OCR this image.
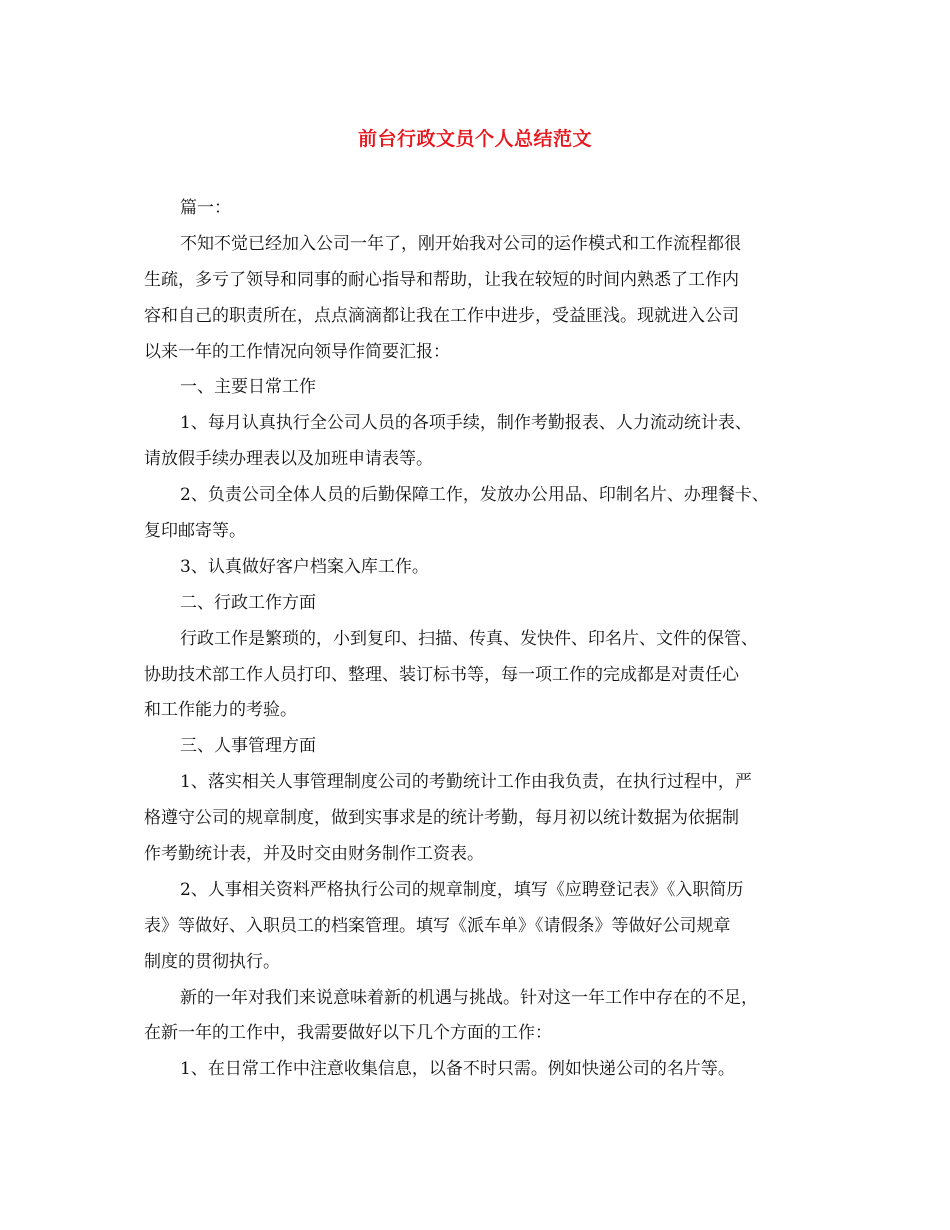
前台行政文员个人总结范文
篇一：
不知不觉已经加入公司一年了，刚开始我对公司的运作模式和工作流程都很
生疏，多亏了领导和同事的耐心指导和帮助，让我在较短的时间内熟悉了工作内
容和自己的职责所在，点点滴滴都让我在工作中进步，受益匪浅。现就进入公司
以来一年的工作情况向领导作简要汇报：
一、主要日常工作
1、每月认真执行全公司人员的各项手续，制作考勤报表、人力流动统计表、
请放假手续办理表以及加班申请表等。
2、负责公司全体人员的后勤保障工作，发放办公用品、印制名片、办理餐卡、
复印邮寄等。
3、认真做好客户档案入库工作。
二、行政工作方面
行政工作是繁琐的，小到复印、扫描、传真、发快件、印名片、文件的保管、
协助技术部工作人员打印、整理、装订标书等，每一项工作的完成都是对责任心
和工作能力的考验。
三、人事管理方面
1、落实相关人事管理制度公司的考勤统计工作由我负责，在执行过程中，严
格遵守公司的规章制度，做到实事求是的统计考勤，每月初以统计数据为依据制
作考勤统计表，并及时交由财务制作工资表。
2、人事相关资料严格执行公司的规章制度，填写《应聘登记表》《入职简历
表》等做好、入职员工的档案管理。填写《派车单》《请假条》等做好公司规章
制度的贯彻执行。
新的一年对我们来说意味着新的机遇与挑战。针对这一年工作中存在的不足，
在新一年的工作中，我需要做好以下几个方面的工作：
1、在日常工作中注意收集信息，以备不时只需。例如快递公司的名片等。
